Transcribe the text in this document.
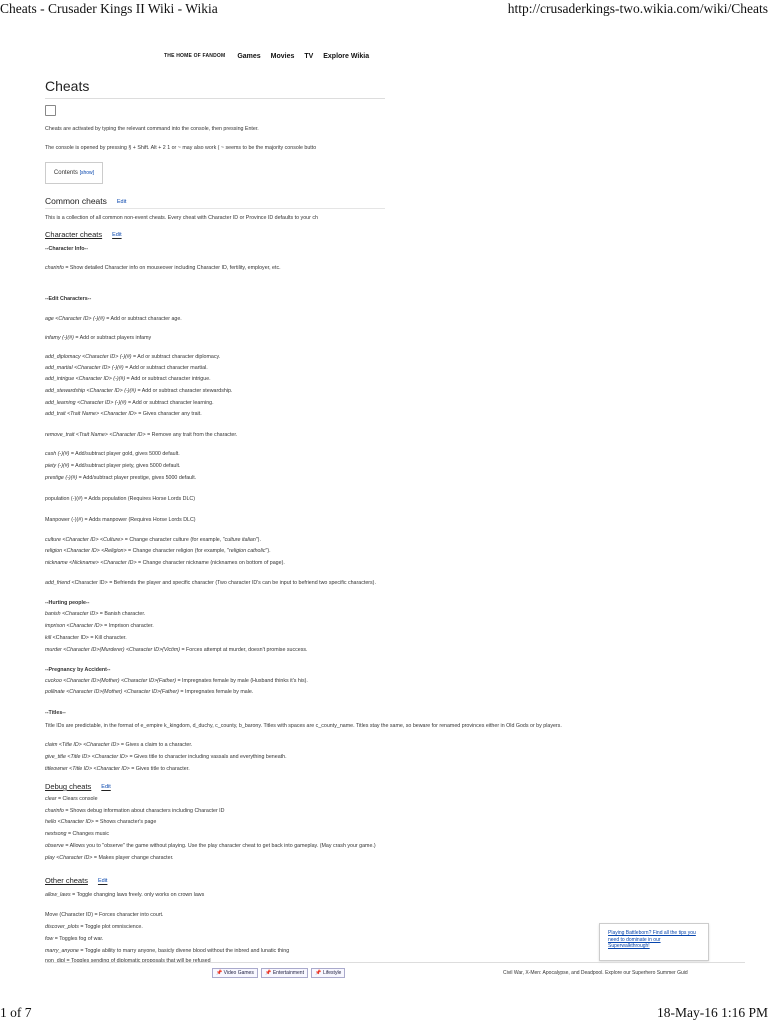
Cheats - Crusader Kings II Wiki - Wikia	http://crusaderkings-two.wikia.com/wiki/Cheats
THE HOME OF FANDOM Games Movies TV Explore Wikia
Cheats

Cheats are activated by typing the relevant command into the console, then pressing Enter.

The console is opened by pressing § + Shift. Alt + 2 1 or ~ may also work ( ~ seems to be the majority console butto

Contents [show]
Common cheats Edit

This is a collection of all common non-event cheats. Every cheat with Character ID or Province ID defaults to your ch

Character cheats Edit

--Character Info--

charinfo = Show detailed Character info on mouseover including Character ID, fertility, employer, etc.

--Edit Characters--

age <Character ID> (-)(#) = Add or subtract character age.

infamy (-)(#) = Add or subtract players infamy

add_diplomacy <Character ID> (-)(#) = Ad or subtract character diplomacy.

add_martial <Character ID> (-)(#) = Add or subtract character martial.

add_intrigue <Character ID> (-)(#) = Add or subtract character intrigue.

add_stewardship <Character ID> (-)(#) = Add or subtract character stewardship.

add_learning <Character ID> (-)(#) = Add or subtract character learning.

add_trait <Trait Name> <Character ID> = Gives character any trait.

remove_trait <Trait Name> <Character ID> = Remove any trait from the character.

cash (-)(#) = Add/subtract player gold, gives 5000 default.

piety (-)(#) = Add/subtract player piety, gives 5000 default.

prestige (-)(#) = Add/subtract player prestige, gives 5000 default.

population (-)(#) = Adds population (Requires Horse Lords DLC)

Manpower (-)(#) = Adds manpower (Requires Horse Lords DLC)

culture <Character ID> <Culture> = Change character culture (for example, "culture italian").

religion <Character ID> <Religion> = Change character religion (for example, "religion catholic").

nickname <Nickname> <Character ID> = Change character nickname (nicknames on bottom of page).

add_friend <Character ID> = Befriends the player and specific character (Two character ID's can be input to befriend two specific characters).

--Hurting people--

banish <Character ID> = Banish character.

imprison <Character ID> = Imprison character.

kill <Character ID> = Kill character.

murder <Character ID>(Murderer) <Character ID>(Victim) = Forces attempt at murder, doesn't promise success.

--Pregnancy by Accident--

cuckoo <Character ID>(Mother) <Character ID>(Father) = Impregnates female by male (Husband thinks it's his).

pollinate <Character ID>(Mother) <Character ID>(Father) = Impregnates female by male.

--Titles--

Title IDs are predictable, in the format of e_empire k_kingdom, d_duchy, c_county, b_barony. Titles with spaces are c_county_name. Titles stay the same, so beware for renamed provinces either in Old Gods or by players.

claim <Title ID> <Character ID> = Gives a claim to a character.

give_title <Title ID> <Character ID> = Gives title to character including vassals and everything beneath.

titleowner <Title ID> <Character ID> = Gives title to character.

Debug cheats Edit

clear = Clears console

charinfo = Shows debug information about characters including Character ID

hello <Character ID> = Shows character's page

nextsong = Changes music

observe = Allows you to "observe" the game without playing. Use the play character cheat to get back into gameplay. (May crash your game.)

play <Character ID> = Makes player change character.

Other cheats Edit

allow_laws = Toggle changing laws freely. only works on crown laws

Move (Character ID) = Forces character into court.

discover_plots = Toggle plot omniscience.

fow = Toggles fog of war.

marry_anyone = Toggle ability to marry anyone, basicly divene blood without the inbred and lunatic thing

non_dipl = Toggles sending of diplomatic proposals that will be refused

Playing Battleborn? Find all the tips you need to dominate in our Superwalkthrough!
📌 Video Games 📌 Entertainment 📌 Lifestyle	Civil War, X-Men: Apocalypse, and Deadpool. Explore our Superhero Summer Guid
1 of 7	18-May-16 1:16 PM
